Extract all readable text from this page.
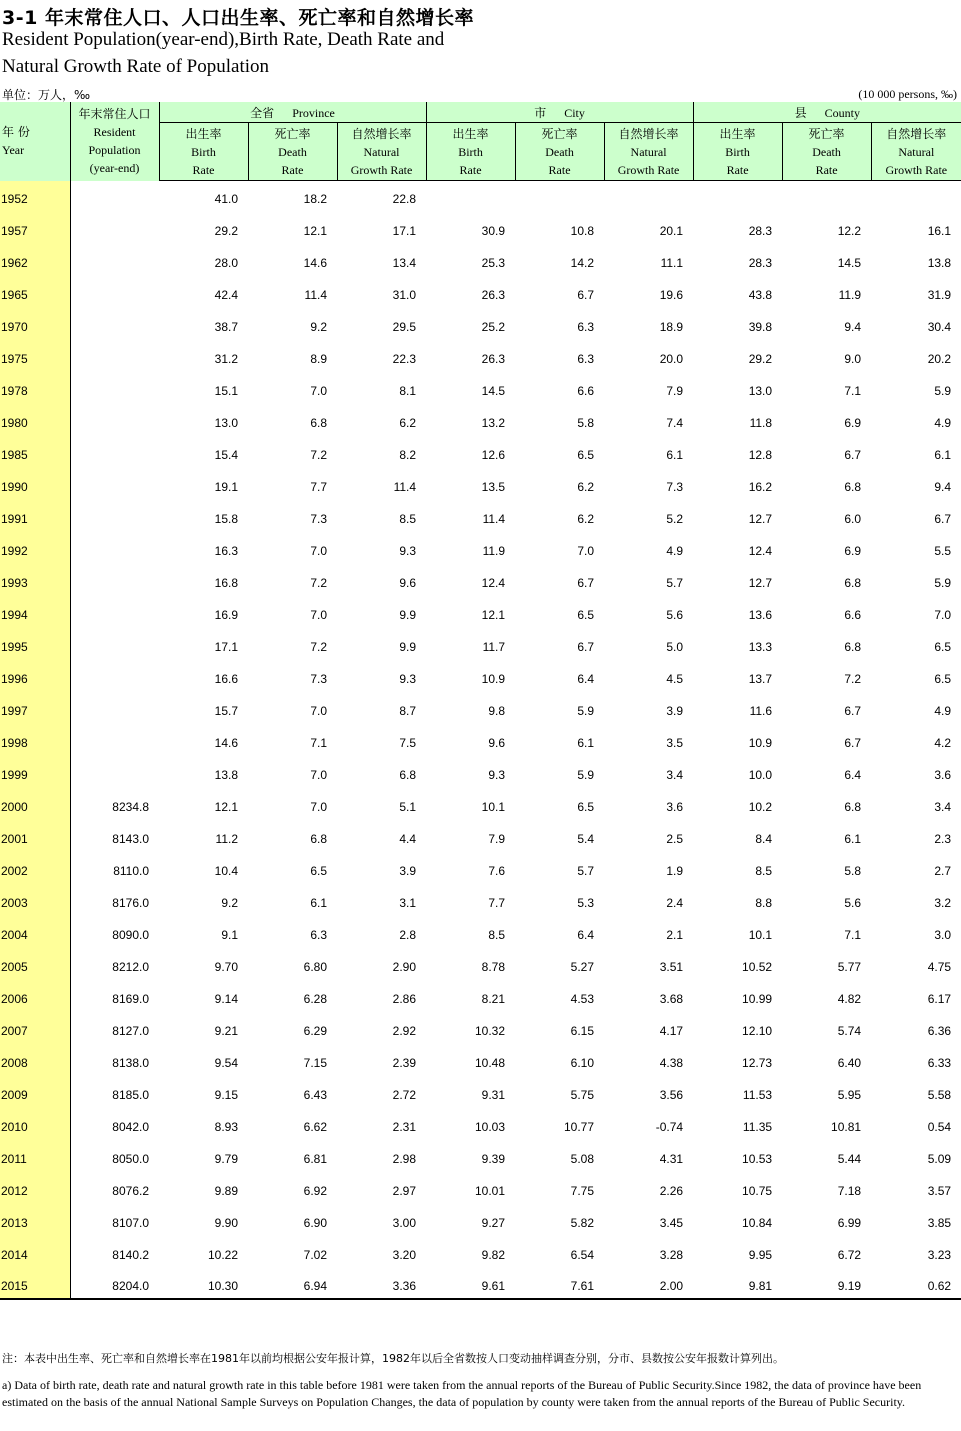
3-1 年末常住人口、人口出生率、死亡率和自然增长率
Resident Population(year-end),Birth Rate, Death Rate and
Natural Growth Rate of Population
单位：万人，‰	(10 000 persons, ‰)
年 份
Year	年末常住人口
Resident
Population
(year-end)	全省 Province			市 City			县 County		

		出生率
Birth
Rate	死亡率
Death
Rate	自然增长率
Natural
Growth Rate	出生率
Birth
Rate	死亡率
Death
Rate	自然增长率
Natural
Growth Rate	出生率
Birth
Rate	死亡率
Death
Rate	自然增长率
Natural
Growth Rate

1952		41.0	18.2	22.8						
1957		29.2	12.1	17.1	30.9	10.8	20.1	28.3	12.2	16.1
1962		28.0	14.6	13.4	25.3	14.2	11.1	28.3	14.5	13.8
1965		42.4	11.4	31.0	26.3	6.7	19.6	43.8	11.9	31.9
1970		38.7	9.2	29.5	25.2	6.3	18.9	39.8	9.4	30.4
1975		31.2	8.9	22.3	26.3	6.3	20.0	29.2	9.0	20.2
1978		15.1	7.0	8.1	14.5	6.6	7.9	13.0	7.1	5.9
1980		13.0	6.8	6.2	13.2	5.8	7.4	11.8	6.9	4.9
1985		15.4	7.2	8.2	12.6	6.5	6.1	12.8	6.7	6.1
1990		19.1	7.7	11.4	13.5	6.2	7.3	16.2	6.8	9.4
1991		15.8	7.3	8.5	11.4	6.2	5.2	12.7	6.0	6.7
1992		16.3	7.0	9.3	11.9	7.0	4.9	12.4	6.9	5.5
1993		16.8	7.2	9.6	12.4	6.7	5.7	12.7	6.8	5.9
1994		16.9	7.0	9.9	12.1	6.5	5.6	13.6	6.6	7.0
1995		17.1	7.2	9.9	11.7	6.7	5.0	13.3	6.8	6.5
1996		16.6	7.3	9.3	10.9	6.4	4.5	13.7	7.2	6.5
1997		15.7	7.0	8.7	9.8	5.9	3.9	11.6	6.7	4.9
1998		14.6	7.1	7.5	9.6	6.1	3.5	10.9	6.7	4.2
1999		13.8	7.0	6.8	9.3	5.9	3.4	10.0	6.4	3.6
2000	8234.8	12.1	7.0	5.1	10.1	6.5	3.6	10.2	6.8	3.4
2001	8143.0	11.2	6.8	4.4	7.9	5.4	2.5	8.4	6.1	2.3
2002	8110.0	10.4	6.5	3.9	7.6	5.7	1.9	8.5	5.8	2.7
2003	8176.0	9.2	6.1	3.1	7.7	5.3	2.4	8.8	5.6	3.2
2004	8090.0	9.1	6.3	2.8	8.5	6.4	2.1	10.1	7.1	3.0
2005	8212.0	9.70	6.80	2.90	8.78	5.27	3.51	10.52	5.77	4.75
2006	8169.0	9.14	6.28	2.86	8.21	4.53	3.68	10.99	4.82	6.17
2007	8127.0	9.21	6.29	2.92	10.32	6.15	4.17	12.10	5.74	6.36
2008	8138.0	9.54	7.15	2.39	10.48	6.10	4.38	12.73	6.40	6.33
2009	8185.0	9.15	6.43	2.72	9.31	5.75	3.56	11.53	5.95	5.58
2010	8042.0	8.93	6.62	2.31	10.03	10.77	-0.74	11.35	10.81	0.54
2011	8050.0	9.79	6.81	2.98	9.39	5.08	4.31	10.53	5.44	5.09
2012	8076.2	9.89	6.92	2.97	10.01	7.75	2.26	10.75	7.18	3.57
2013	8107.0	9.90	6.90	3.00	9.27	5.82	3.45	10.84	6.99	3.85
2014	8140.2	10.22	7.02	3.20	9.82	6.54	3.28	9.95	6.72	3.23
2015	8204.0	10.30	6.94	3.36	9.61	7.61	2.00	9.81	9.19	0.62
注：本表中出生率、死亡率和自然增长率在1981年以前均根据公安年报计算，1982年以后全省数按人口变动抽样调查分别，分市、县数按公安年报数计算列出。
a) Data of birth rate, death rate and natural growth rate in this table before 1981 were taken from the annual reports of the Bureau of Public Security.Since 1982, the data of province have been estimated on the basis of the annual National Sample Surveys on Population Changes, the data of population by county were taken from the annual reports of the Bureau of Public Security.
